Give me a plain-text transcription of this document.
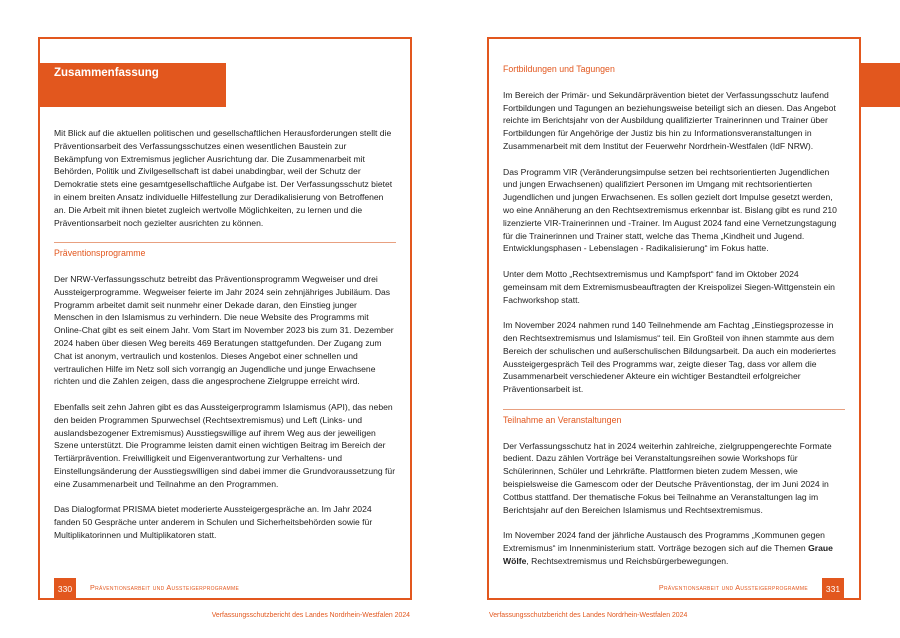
Zusammenfassung

Mit Blick auf die aktuellen politischen und gesellschaftlichen Herausforderungen stellt die Präventionsarbeit des Verfassungsschutzes einen wesentlichen Baustein zur Bekämpfung von Extremismus jeglicher Ausrichtung dar. Die Zusammenarbeit mit Behörden, Politik und Zivilgesellschaft ist dabei unabdingbar, weil der Schutz der Demokratie stets eine gesamtgesellschaftliche Aufgabe ist. Der Verfassungsschutz bietet in einem breiten Ansatz individuelle Hilfestellung zur Deradikalisierung von Betroffenen an. Die Arbeit mit ihnen bietet zugleich wertvolle Möglichkeiten, zu lernen und die Präventionsarbeit noch gezielter ausrichten zu können.

Präventionsprogramme

Der NRW-Verfassungsschutz betreibt das Präventionsprogramm Wegweiser und drei Aussteigerprogramme. Wegweiser feierte im Jahr 2024 sein zehnjähriges Jubiläum. Das Programm arbeitet damit seit nunmehr einer Dekade daran, den Einstieg junger Menschen in den Islamismus zu verhindern. Die neue Website des Programms mit Online-Chat gibt es seit einem Jahr. Vom Start im November 2023 bis zum 31. Dezember 2024 haben über diesen Weg bereits 469 Beratungen stattgefunden. Der Zugang zum Chat ist anonym, vertraulich und kostenlos. Dieses Angebot einer schnellen und vertraulichen Hilfe im Netz soll sich vorrangig an Jugendliche und junge Erwachsene richten und die Zahlen zeigen, dass die angesprochene Zielgruppe erreicht wird.

Ebenfalls seit zehn Jahren gibt es das Aussteigerprogramm Islamismus (API), das neben den beiden Programmen Spurwechsel (Rechtsextremismus) und Left (Links- und auslandsbezogener Extremismus) Ausstiegswillige auf ihrem Weg aus der jeweiligen Szene unterstützt. Die Programme leisten damit einen wichtigen Beitrag im Bereich der Tertiärprävention. Freiwilligkeit und Eigenverantwortung zur Verhaltens- und Einstellungsänderung der Ausstiegswilligen sind dabei immer die Grundvoraussetzung für eine Zusammenarbeit und Teilnahme an den Programmen.

Das Dialogformat PRISMA bietet moderierte Aussteigergespräche an. Im Jahr 2024 fanden 50 Gespräche unter anderem in Schulen und Sicherheitsbehörden sowie für Multiplikatorinnen und Multiplikatoren statt.

Fortbildungen und Tagungen

Im Bereich der Primär- und Sekundärprävention bietet der Verfassungsschutz laufend Fortbildungen und Tagungen an beziehungsweise beteiligt sich an diesen. Das Angebot reichte im Berichtsjahr von der Ausbildung qualifizierter Trainerinnen und Trainer über Fortbildungen für Angehörige der Justiz bis hin zu Informationsveranstaltungen in Zusammenarbeit mit dem Institut der Feuerwehr Nordrhein-Westfalen (IdF NRW).

Das Programm VIR (Veränderungsimpulse setzen bei rechtsorientierten Jugendlichen und jungen Erwachsenen) qualifiziert Personen im Umgang mit rechtsorientierten Jugendlichen und jungen Erwachsenen. Es sollen gezielt dort Impulse gesetzt werden, wo eine Annäherung an den Rechtsextremismus erkennbar ist. Bislang gibt es rund 210 lizenzierte VIR-Trainerinnen und -Trainer. Im August 2024 fand eine Vernetzungstagung für die Trainerinnen und Trainer statt, welche das Thema „Kindheit und Jugend. Entwicklungsphasen - Lebenslagen - Radikalisierung“ im Fokus hatte.

Unter dem Motto „Rechtsextremismus und Kampfsport“ fand im Oktober 2024 gemeinsam mit dem Extremismusbeauftragten der Kreispolizei Siegen-Wittgenstein ein Fachworkshop statt.

Im November 2024 nahmen rund 140 Teilnehmende am Fachtag „Einstiegsprozesse in den Rechtsextremismus und Islamismus“ teil. Ein Großteil von ihnen stammte aus dem Bereich der schulischen und außerschulischen Bildungsarbeit. Da auch ein moderiertes Aussteigergespräch Teil des Programms war, zeigte dieser Tag, dass vor allem die Zusammenarbeit verschiedener Akteure ein wichtiger Bestandteil erfolgreicher Präventionsarbeit ist.

Teilnahme an Veranstaltungen

Der Verfassungsschutz hat in 2024 weiterhin zahlreiche, zielgruppengerechte Formate bedient. Dazu zählen Vorträge bei Veranstaltungsreihen sowie Workshops für Schülerinnen, Schüler und Lehrkräfte. Plattformen bieten zudem Messen, wie beispielsweise die Gamescom oder der Deutsche Präventionstag, der im Juni 2024 in Cottbus stattfand. Der thematische Fokus bei Teilnahme an Veranstaltungen lag im Berichtsjahr auf den Bereichen Islamismus und Rechtsextremismus.

Im November 2024 fand der jährliche Austausch des Programms „Kommunen gegen Extremismus“ im Innenministerium statt. Vorträge bezogen sich auf die Themen Graue Wölfe, Rechtsextremismus und Reichsbürgerbewegungen.

330	Präventionsarbeit und Aussteigerprogramme	Präventionsarbeit und Aussteigerprogramme	331
Verfassungsschutzbericht des Landes Nordrhein-Westfalen 2024	Verfassungsschutzbericht des Landes Nordrhein-Westfalen 2024
